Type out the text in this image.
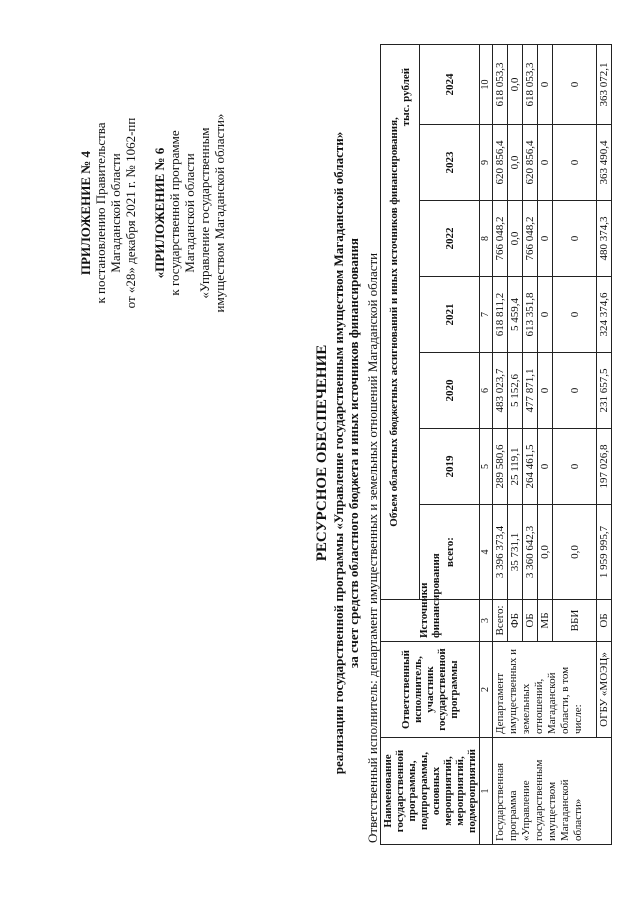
ПРИЛОЖЕНИЕ № 4 к постановлению Правительства Магаданской области от «28» декабря 2021 г. № 1062-пп «ПРИЛОЖЕНИЕ № 6 к государственной программе Магаданской области «Управление государственным имуществом Магаданской области»
РЕСУРСНОЕ ОБЕСПЕЧЕНИЕ реализации государственной программы «Управление государственным имуществом Магаданской области» за счет средств областного бюджета и иных источников финансирования Ответственный исполнитель: департамент имущественных и земельных отношений Магаданской области Наименование государственной программы, подпрограммы, основных мероприятий, мероприятий, подмероприятий	Ответственный исполнитель, участник государственной программы	Источники финансирования	Объем областных бюджетных ассигнований и иных источников финансирования,
тыс. рублей						

			всего:	2019	2020	2021	2022	2023	2024
1	2	3	4	5	6	7	8	9	10
Государственная программа «Управление государственным имуществом Магаданской области»	Департамент имущественных и земельных отношений, Магаданской области, в том числе:	Всего:	3 396 373,4	289 580,6	483 023,7	618 811,2	766 048,2	620 856,4	618 053,3
		ФБ	35 731,1	25 119,1	5 152,6	5 459,4	0,0	0,0	0,0
		ОБ	3 360 642,3	264 461,5	477 871,1	613 351,8	766 048,2	620 856,4	618 053,3
		МБ	0,0	0	0	0	0	0	0
		ВБИ	0,0	0	0	0	0	0	0
	ОГБУ «МОЭЦ»	ОБ	1 959 995,7	197 026,8	231 657,5	324 374,6	480 374,3	363 490,4	363 072,1
